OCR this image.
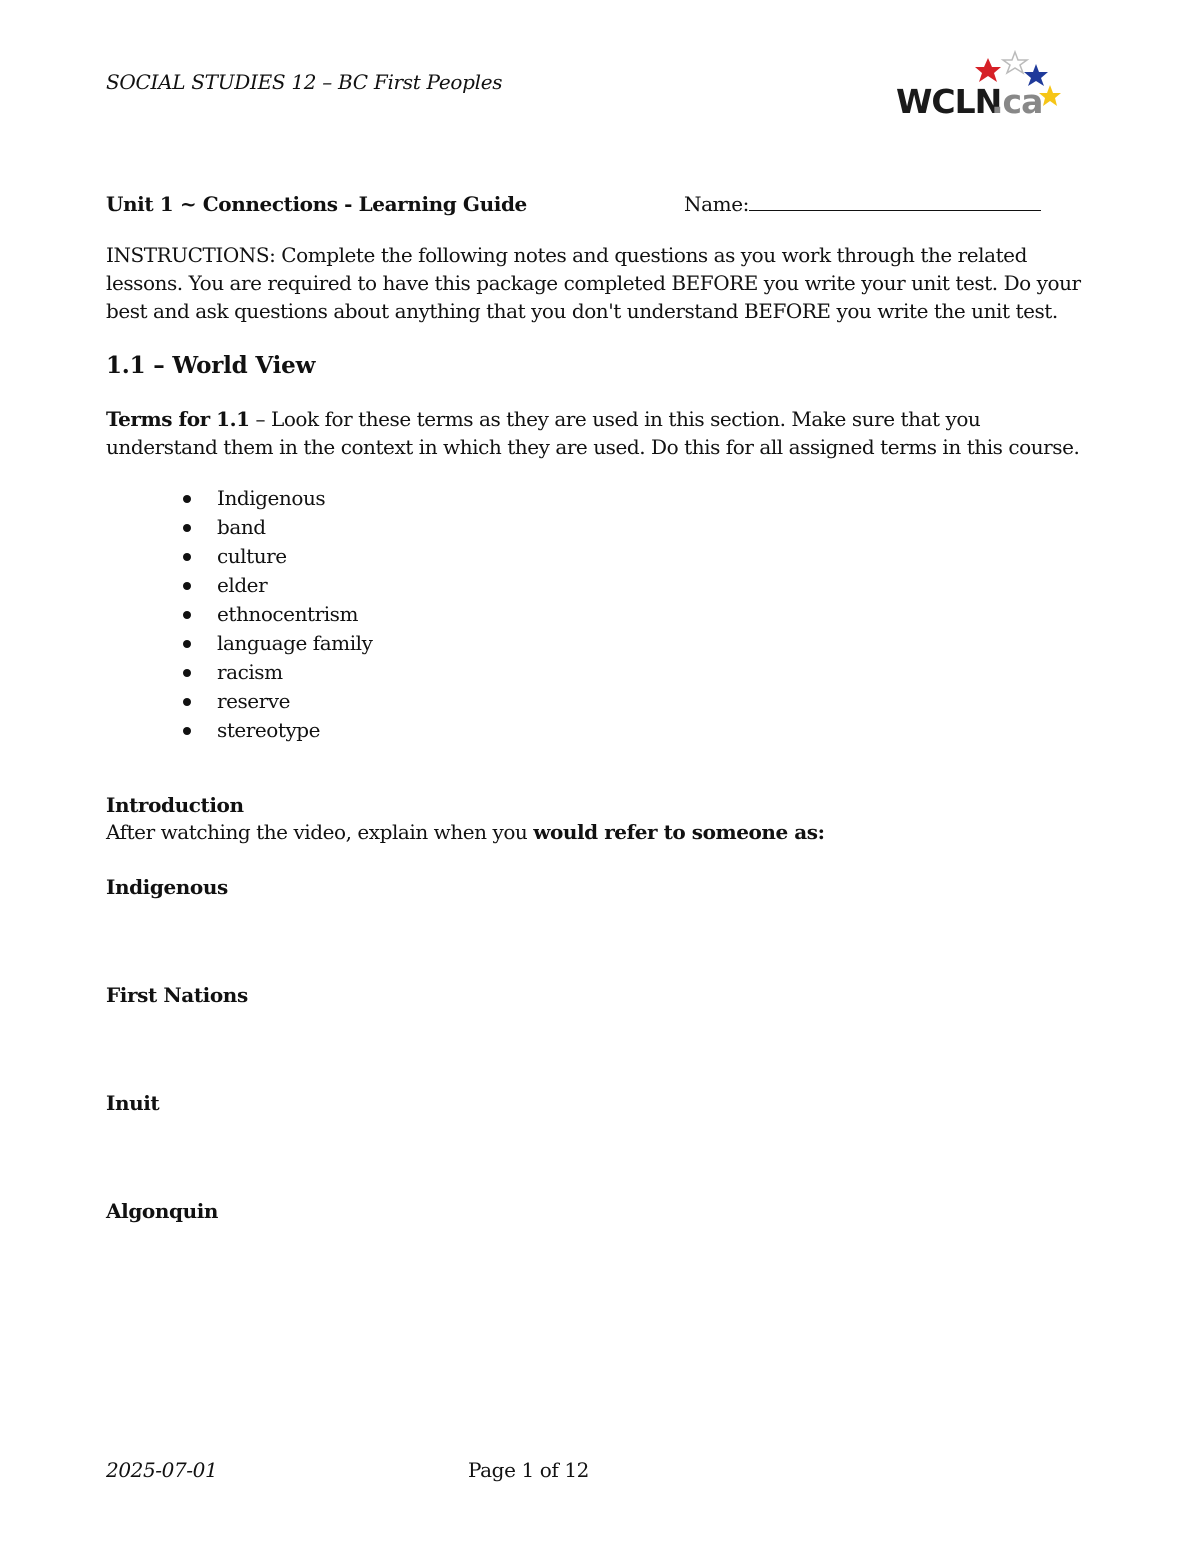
SOCIAL STUDIES 12 – BC First Peoples	WCLN
.ca
Unit 1 ~ Connections - Learning Guide	Name:
INSTRUCTIONS: Complete the following notes and questions as you work through the related lessons. You are required to have this package completed BEFORE you write your unit test. Do your best and ask questions about anything that you don't understand BEFORE you write the unit test.
1.1 – World View
Terms for 1.1 – Look for these terms as they are used in this section. Make sure that you understand them in the context in which they are used. Do this for all assigned terms in this course.
Indigenous
band
culture
elder
ethnocentrism
language family
racism
reserve
stereotype
Introduction
After watching the video, explain when you would refer to someone as:
Indigenous
First Nations
Inuit
Algonquin
2025-07-01	Page 1 of 12
